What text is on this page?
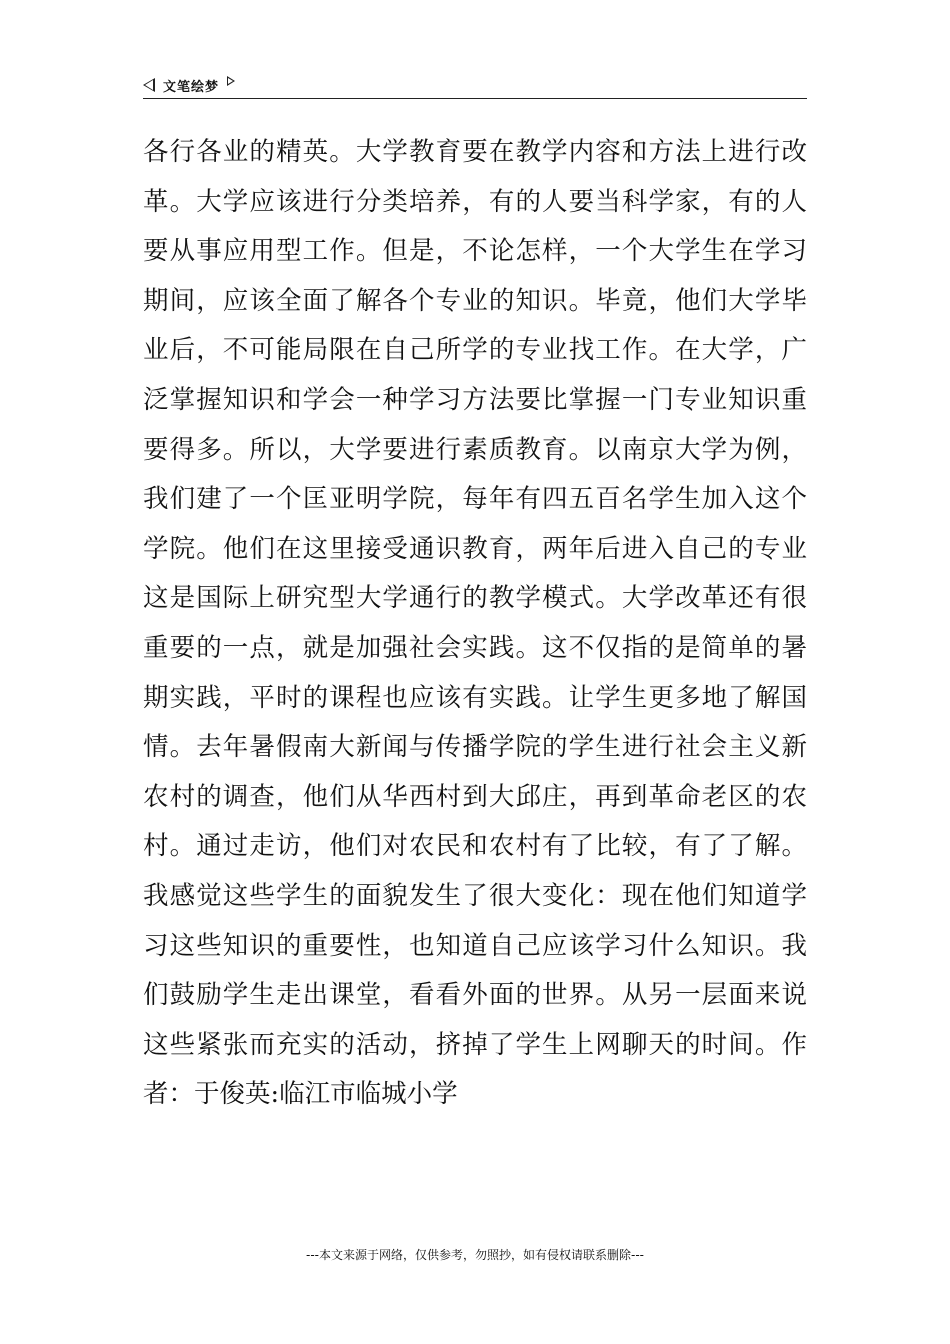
文笔绘梦
各行各业的精英。大学教育要在教学内容和方法上进行改
革。大学应该进行分类培养，有的人要当科学家，有的人
要从事应用型工作。但是，不论怎样，一个大学生在学习
期间，应该全面了解各个专业的知识。毕竟，他们大学毕
业后，不可能局限在自己所学的专业找工作。在大学，广
泛掌握知识和学会一种学习方法要比掌握一门专业知识重
要得多。所以，大学要进行素质教育。以南京大学为例，
我们建了一个匡亚明学院，每年有四五百名学生加入这个
学院。他们在这里接受通识教育，两年后进入自己的专业
这是国际上研究型大学通行的教学模式。大学改革还有很
重要的一点，就是加强社会实践。这不仅指的是简单的暑
期实践，平时的课程也应该有实践。让学生更多地了解国
情。去年暑假南大新闻与传播学院的学生进行社会主义新
农村的调查，他们从华西村到大邱庄，再到革命老区的农
村。通过走访，他们对农民和农村有了比较，有了了解。
我感觉这些学生的面貌发生了很大变化：现在他们知道学
习这些知识的重要性，也知道自己应该学习什么知识。我
们鼓励学生走出课堂，看看外面的世界。从另一层面来说
这些紧张而充实的活动，挤掉了学生上网聊天的时间。作
者：于俊英:临江市临城小学
---本文来源于网络，仅供参考，勿照抄，如有侵权请联系删除---
